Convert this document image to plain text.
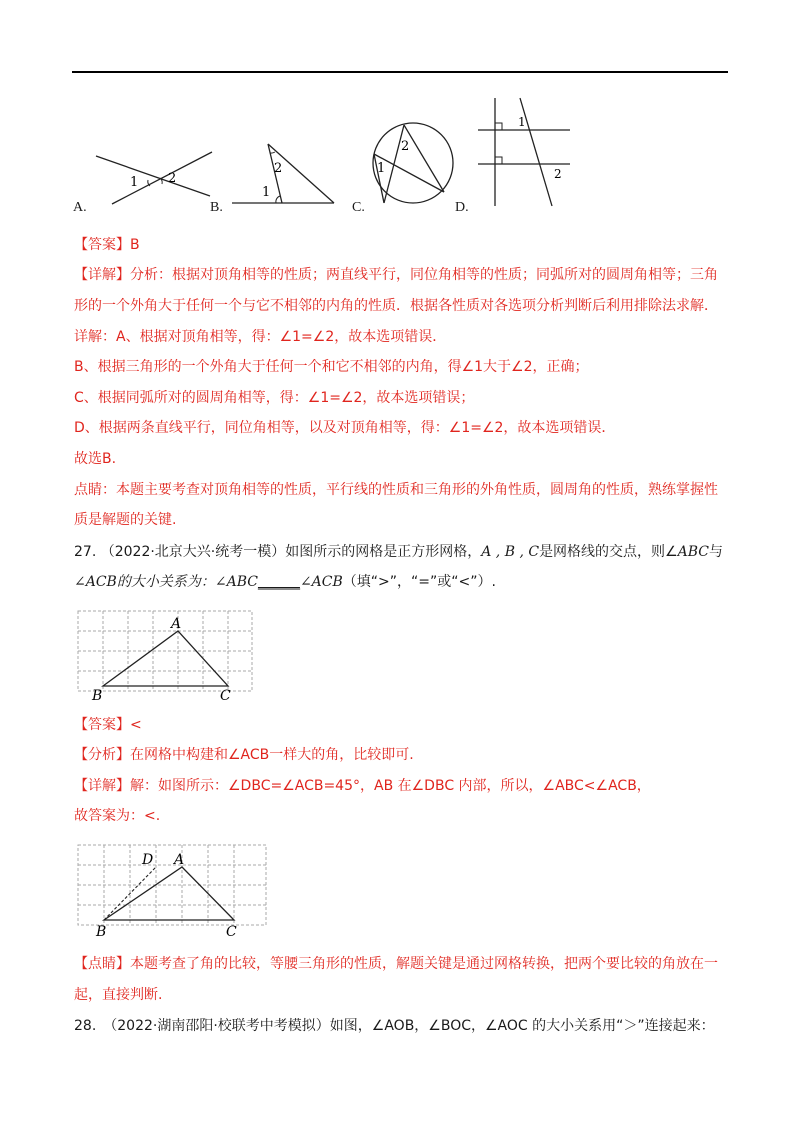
1 2
A.
1
2
B.
2
1
C.
1
2
D.
【答案】B
【详解】分析：根据对顶角相等的性质；两直线平行，同位角相等的性质；同弧所对的圆周角相等；三角
形的一个外角大于任何一个与它不相邻的内角的性质．根据各性质对各选项分析判断后利用排除法求解．
详解：A、根据对顶角相等，得：∠1=∠2，故本选项错误．
B、根据三角形的一个外角大于任何一个和它不相邻的内角，得∠1大于∠2，正确；
C、根据同弧所对的圆周角相等，得：∠1=∠2，故本选项错误；
D、根据两条直线平行，同位角相等，以及对顶角相等，得：∠1=∠2，故本选项错误．
故选B.
点睛：本题主要考查对顶角相等的性质，平行线的性质和三角形的外角性质，圆周角的性质，熟练掌握性
质是解题的关键.
27. （2022·北京大兴·统考一模）如图所示的网格是正方形网格，A , B , C是网格线的交点，则∠ABC与
∠ACB的大小关系为：∠ABC______∠ACB（填“>”，“=”或“<”）.
A
B	C
【答案】<
【分析】在网格中构建和∠ACB一样大的角，比较即可.
【详解】解：如图所示：∠DBC=∠ACB=45°，AB 在∠DBC 内部，所以，∠ABC<∠ACB，
故答案为：<.
D A
B	C
【点睛】本题考查了角的比较，等腰三角形的性质，解题关键是通过网格转换，把两个要比较的角放在一
起，直接判断.
28.　（2022·湖南邵阳·校联考中考模拟）如图，∠AOB，∠BOC，∠AOC 的大小关系用“＞”连接起来：
